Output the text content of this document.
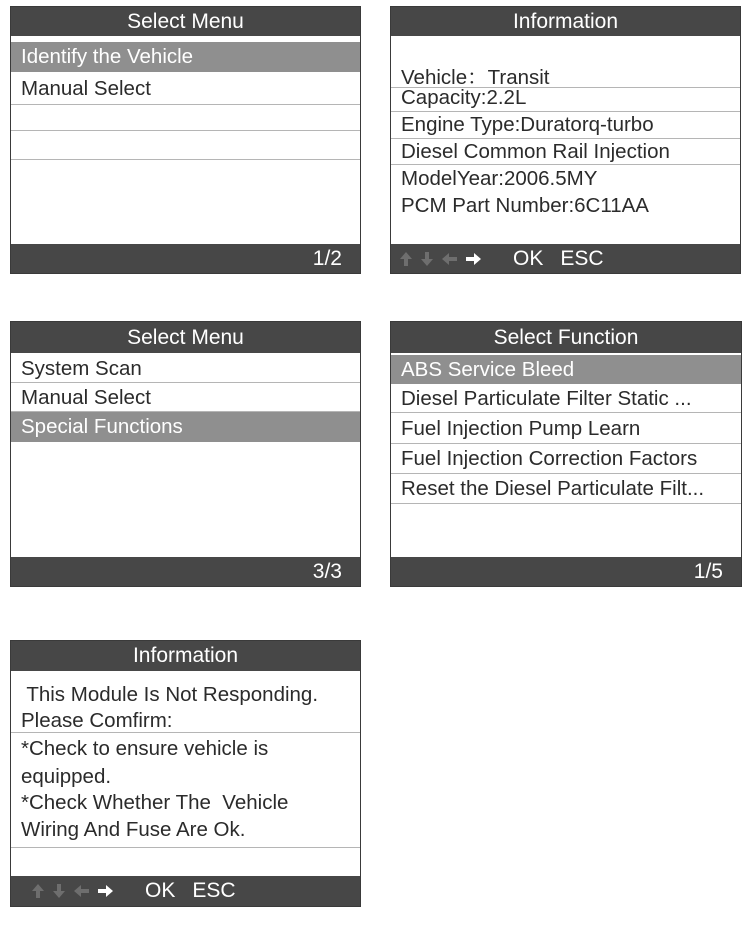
Select Menu
Identify the Vehicle
Manual Select
1/2
Information
Vehicle：Transit
Capacity:2.2L
Engine Type:Duratorq-turbo
Diesel Common Rail Injection
ModelYear:2006.5MY
PCM Part Number:6C11AA
OK ESC
Select Menu
System Scan
Manual Select
Special Functions
3/3
Select Function
ABS Service Bleed
Diesel Particulate Filter Static ...
Fuel Injection Pump Learn
Fuel Injection Correction Factors
Reset the Diesel Particulate Filt...
1/5
Information
This Module Is Not Responding.
Please Comfirm:
*Check to ensure vehicle is
equipped.
*Check Whether The  Vehicle
Wiring And Fuse Are Ok.
OK ESC
